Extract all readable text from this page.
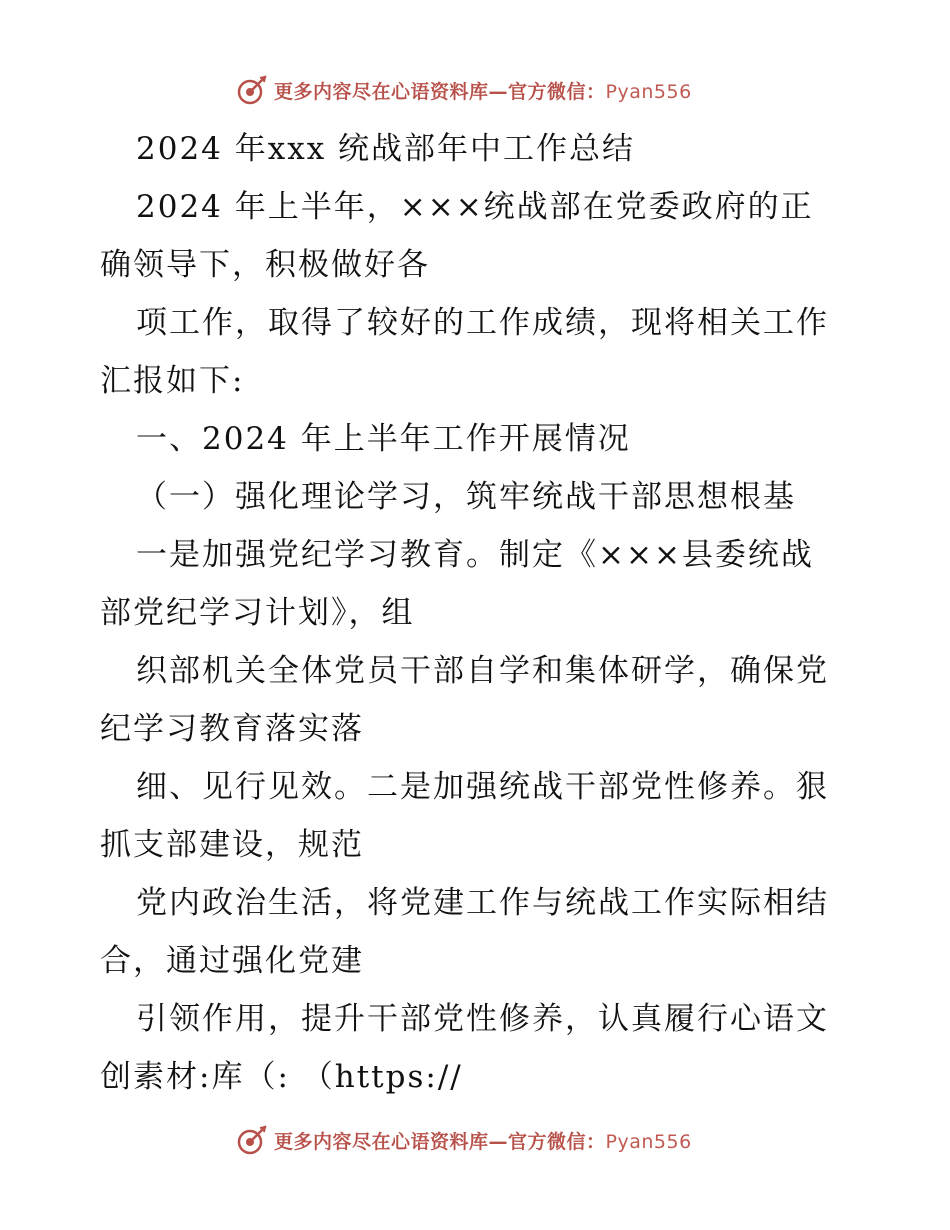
更多内容尽在心语资料库—官方微信：Pyan556
2024 年xxx 统战部年中工作总结
2024 年上半年，×××统战部在党委政府的正
确领导下，积极做好各
项工作，取得了较好的工作成绩，现将相关工作
汇报如下:
一、2024 年上半年工作开展情况
（一）强化理论学习，筑牢统战干部思想根基
一是加强党纪学习教育。制定《×××县委统战
部党纪学习计划》，组
织部机关全体党员干部自学和集体研学，确保党
纪学习教育落实落
细、见行见效。二是加强统战干部党性修养。狠
抓支部建设，规范
党内政治生活，将党建工作与统战工作实际相结
合，通过强化党建
引领作用，提升干部党性修养，认真履行心语文
创素材:库（: （https://
更多内容尽在心语资料库—官方微信：Pyan556
